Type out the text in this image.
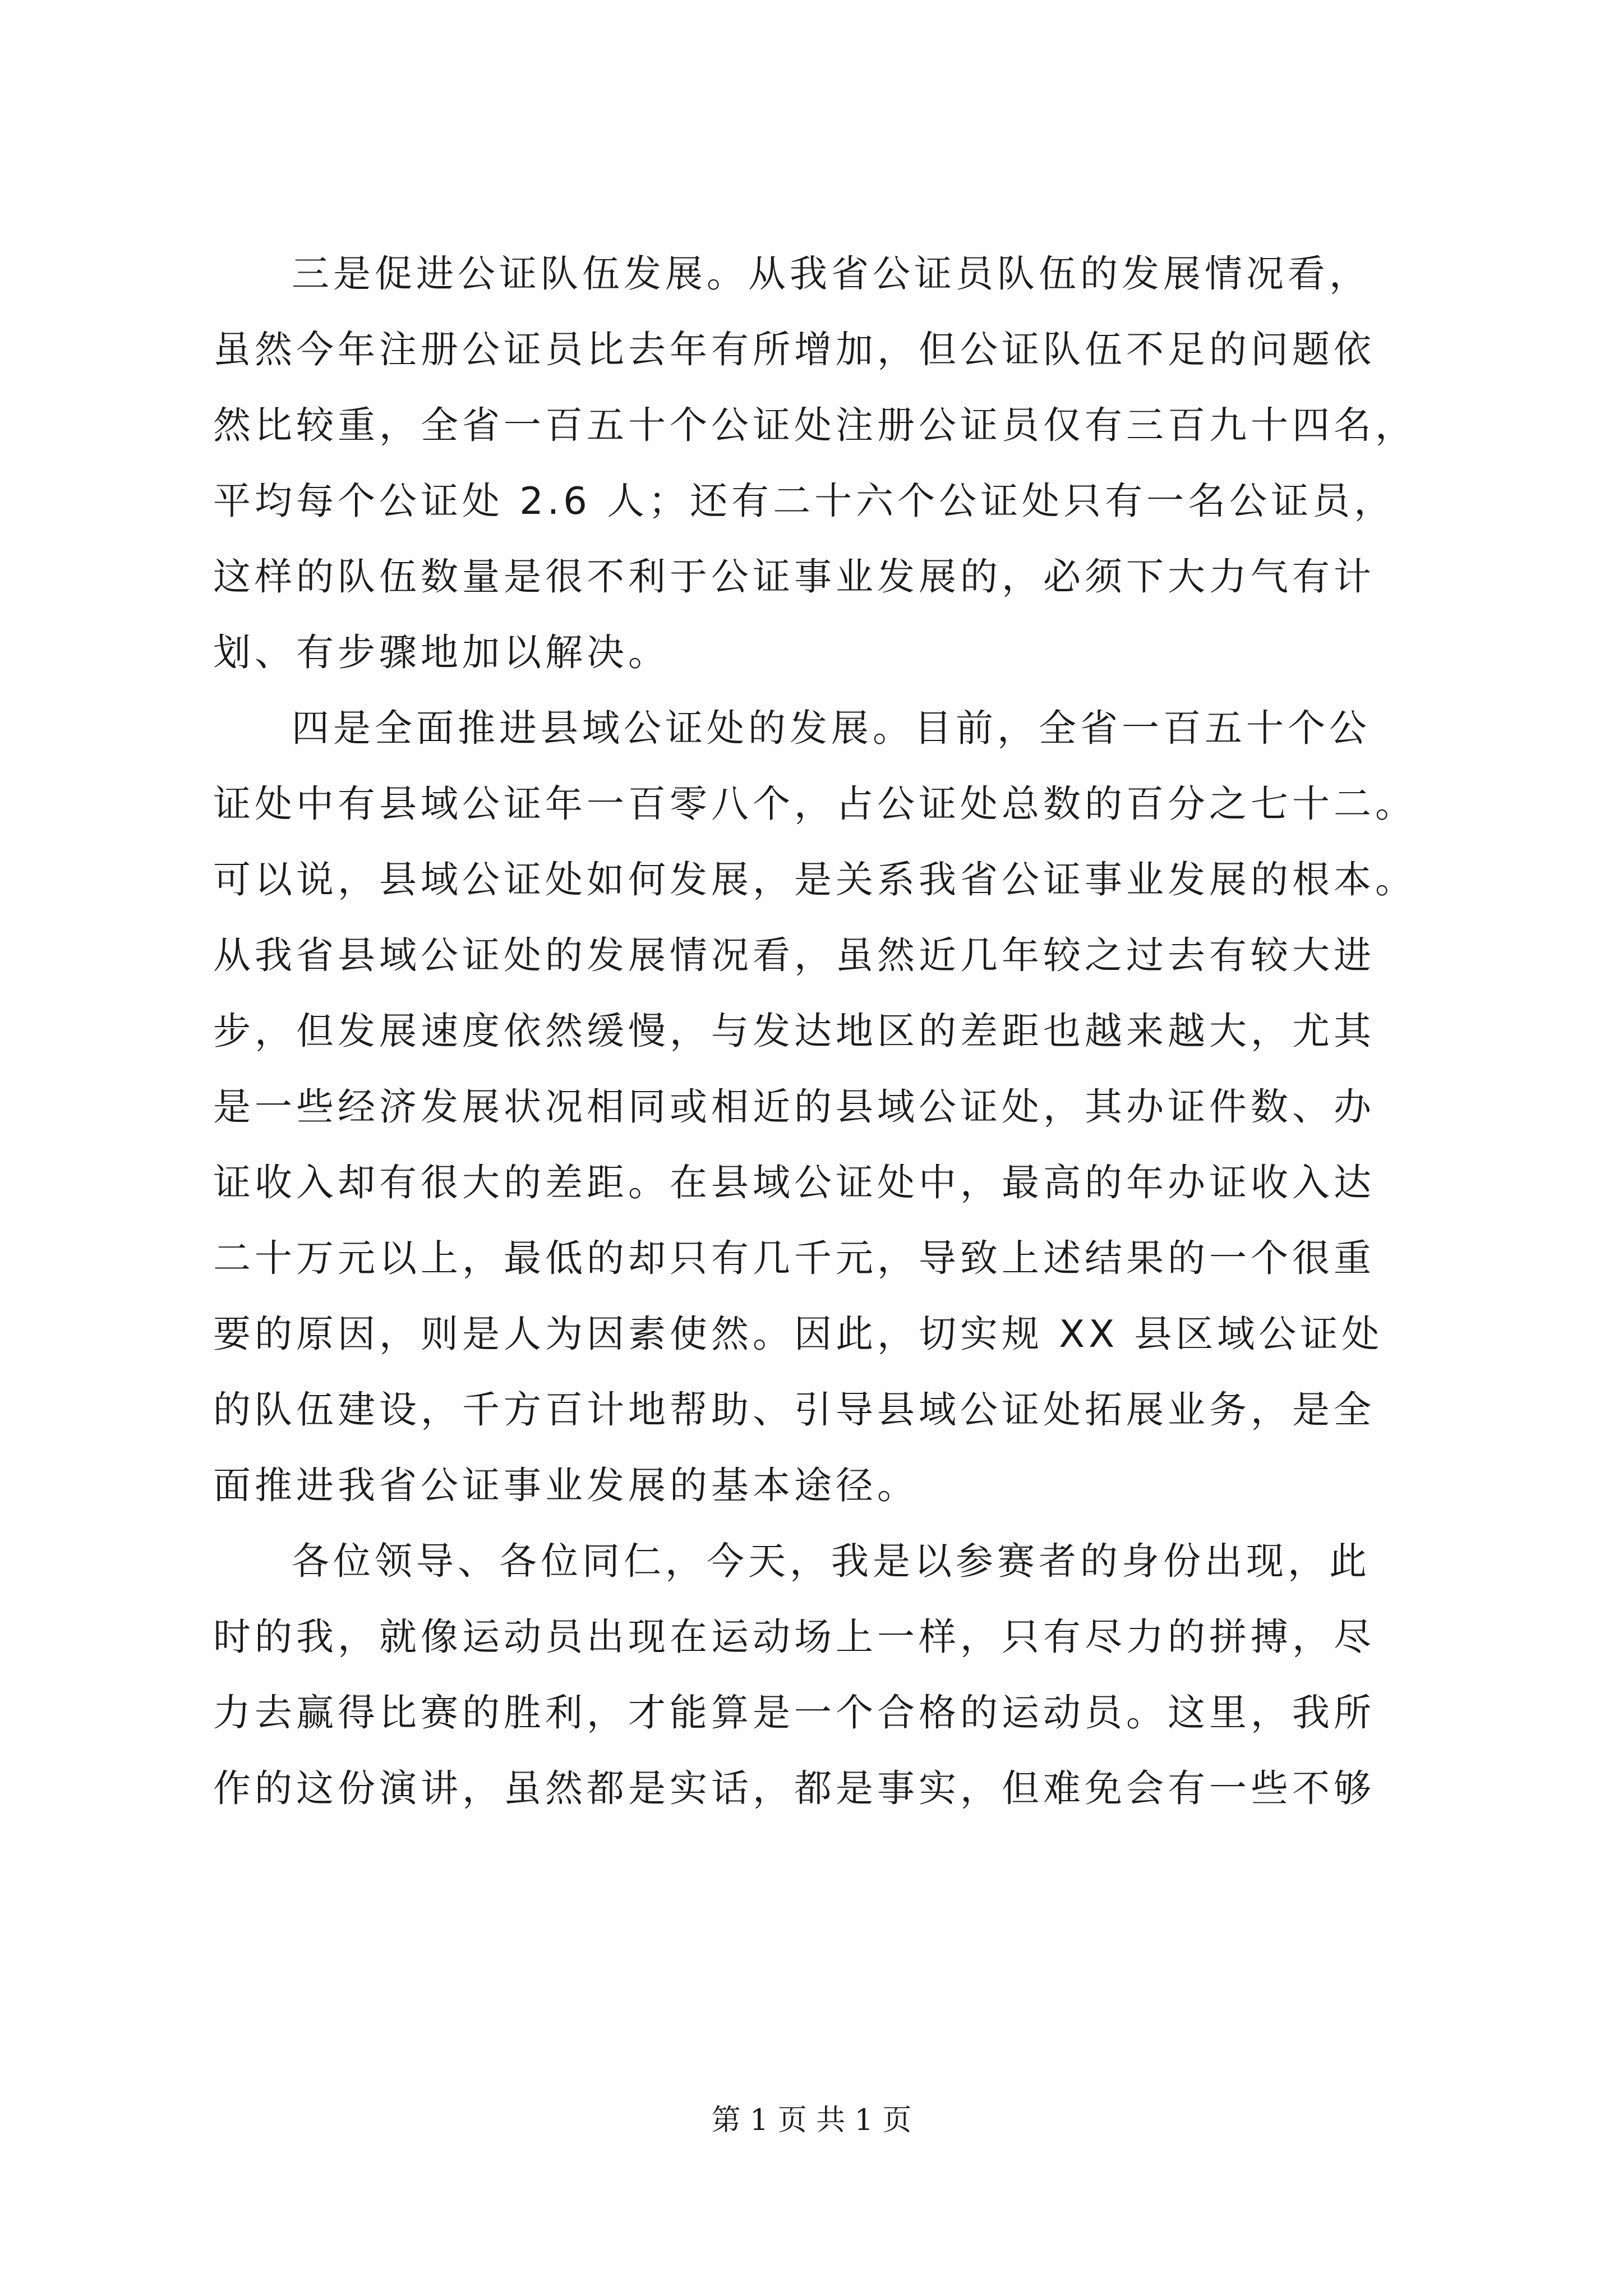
三是促进公证队伍发展。从我省公证员队伍的发展情况看，
虽然今年注册公证员比去年有所增加，但公证队伍不足的问题依
然比较重，全省一百五十个公证处注册公证员仅有三百九十四名，
平均每个公证处 2.6 人；还有二十六个公证处只有一名公证员，
这样的队伍数量是很不利于公证事业发展的，必须下大力气有计
划、有步骤地加以解决。
四是全面推进县域公证处的发展。目前，全省一百五十个公
证处中有县域公证年一百零八个，占公证处总数的百分之七十二。
可以说，县域公证处如何发展，是关系我省公证事业发展的根本。
从我省县域公证处的发展情况看，虽然近几年较之过去有较大进
步，但发展速度依然缓慢，与发达地区的差距也越来越大，尤其
是一些经济发展状况相同或相近的县域公证处，其办证件数、办
证收入却有很大的差距。在县域公证处中，最高的年办证收入达
二十万元以上，最低的却只有几千元，导致上述结果的一个很重
要的原因，则是人为因素使然。因此，切实规 XX 县区域公证处
的队伍建设，千方百计地帮助、引导县域公证处拓展业务，是全
面推进我省公证事业发展的基本途径。
各位领导、各位同仁，今天，我是以参赛者的身份出现，此
时的我，就像运动员出现在运动场上一样，只有尽力的拼搏，尽
力去赢得比赛的胜利，才能算是一个合格的运动员。这里，我所
作的这份演讲，虽然都是实话，都是事实，但难免会有一些不够
第 1 页 共 1 页
